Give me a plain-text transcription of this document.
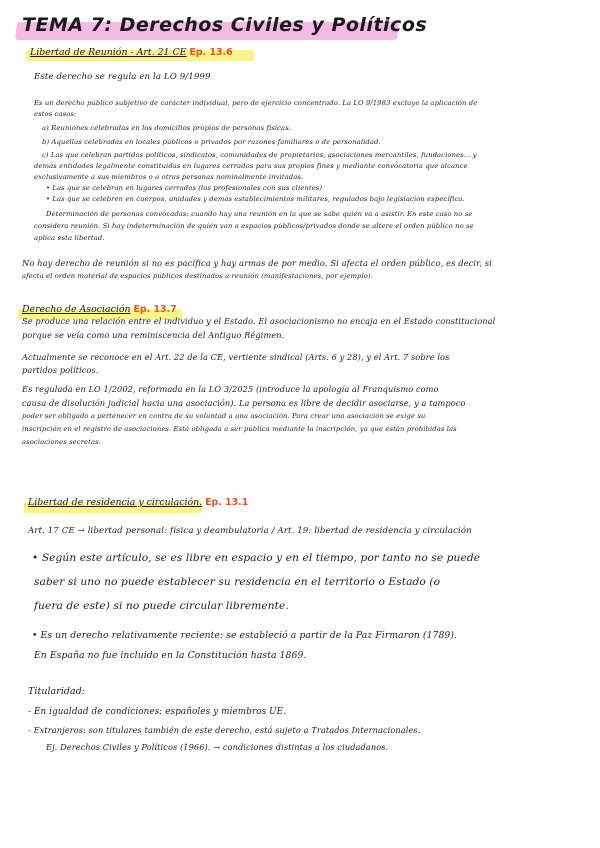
TEMA 7: Derechos Civiles y Políticos
Libertad de Reunión - Art. 21 CE Ep. 13.6
Este derecho se regula en la LO 9/1999
Es un derecho público subjetivo de carácter individual, pero de ejercicio concentrado. La LO 9/1983 excluye la aplicación de
estos casos:
a) Reuniones celebradas en los domicilios propios de personas físicas.
b) Aquellas celebradas en locales públicos o privados por razones familiares o de personalidad.
c) Las que celebran partidos políticos, sindicatos, comunidades de propietarios, asociaciones mercantiles, fundaciones... y
demás entidades legalmente constituidas en lugares cerrados para sus propios fines y mediante convocatoria que alcance
exclusivamente a sus miembros o a otras personas nominalmente invitadas.
• Las que se celebran en lugares cerrados (los profesionales con sus clientes)
• Las que se celebren en cuerpos, unidades y demás establecimientos militares, regulados bajo legislación específica.
Determinación de personas convocadas: cuando hay una reunión en la que se sabe quién va a asistir. En este caso no se
considera reunión. Si hay indeterminación de quién van a espacios públicos/privados donde se altere el orden público no se
aplica esta libertad.
No hay derecho de reunión si no es pacífica y hay armas de por medio. Si afecta el orden público, es decir, si
afecta el orden material de espacios públicos destinados a reunión (manifestaciones, por ejemplo).
Derecho de Asociación Ep. 13.7
Se produce una relación entre el individuo y el Estado. El asociacionismo no encaja en el Estado constitucional
porque se veía como una reminiscencia del Antiguo Régimen.
Actualmente se reconoce en el Art. 22 de la CE, vertiente sindical (Arts. 6 y 28), y el Art. 7 sobre los
partidos políticos.
Es regulada en LO 1/2002, reformada en la LO 3/2025 (introduce la apología al Franquismo como
causa de disolución judicial hacia una asociación). La persona es libre de decidir asociarse, y a tampoco
poder ser obligado a pertenecer en contra de su voluntad a una asociación. Para crear una asociación se exige su
inscripción en el registro de asociaciones. Está obligada a ser pública mediante la inscripción, ya que están prohibidas las
asociaciones secretas.
Libertad de residencia y circulación. Ep. 13.1
Art. 17 CE → libertad personal: física y deambulatoria / Art. 19: libertad de residencia y circulación
• Según este artículo, se es libre en espacio y en el tiempo, por tanto no se puede
saber si uno no puede establecer su residencia en el territorio o Estado (o
fuera de este) si no puede circular libremente.
• Es un derecho relativamente reciente: se estableció a partir de la Paz Firmaron (1789).
En España no fue incluido en la Constitución hasta 1869.
Titularidad:
- En igualdad de condiciones: españoles y miembros UE.
- Extranjeros: son titulares también de este derecho, está sujeto a Tratados Internacionales.
Ej. Derechos Civiles y Políticos (1966). → condiciones distintas a los ciudadanos.
